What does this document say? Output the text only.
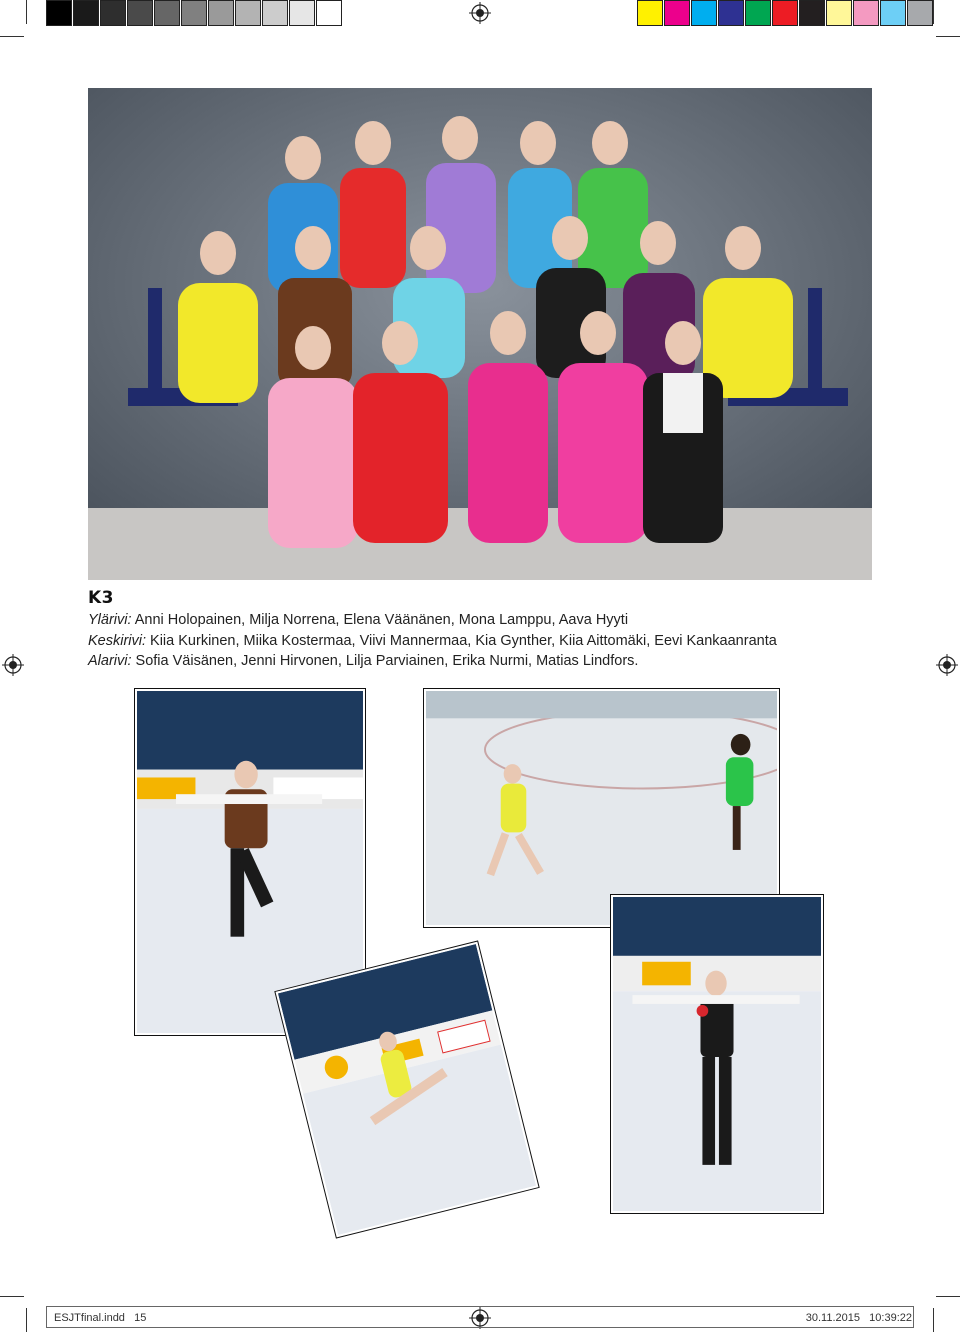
K3
Ylärivi: Anni Holopainen, Milja Norrena, Elena Väänänen, Mona Lamppu, Aava Hyyti
Keskirivi: Kiia Kurkinen, Miika Kostermaa, Viivi Mannermaa, Kia Gynther, Kiia Aittomäki, Eevi Kankaanranta
Alarivi: Sofia Väisänen, Jenni Hirvonen, Lilja Parviainen, Erika Nurmi, Matias Lindfors.
ESJTfinal.indd 15	30.11.2015   10:39:22
